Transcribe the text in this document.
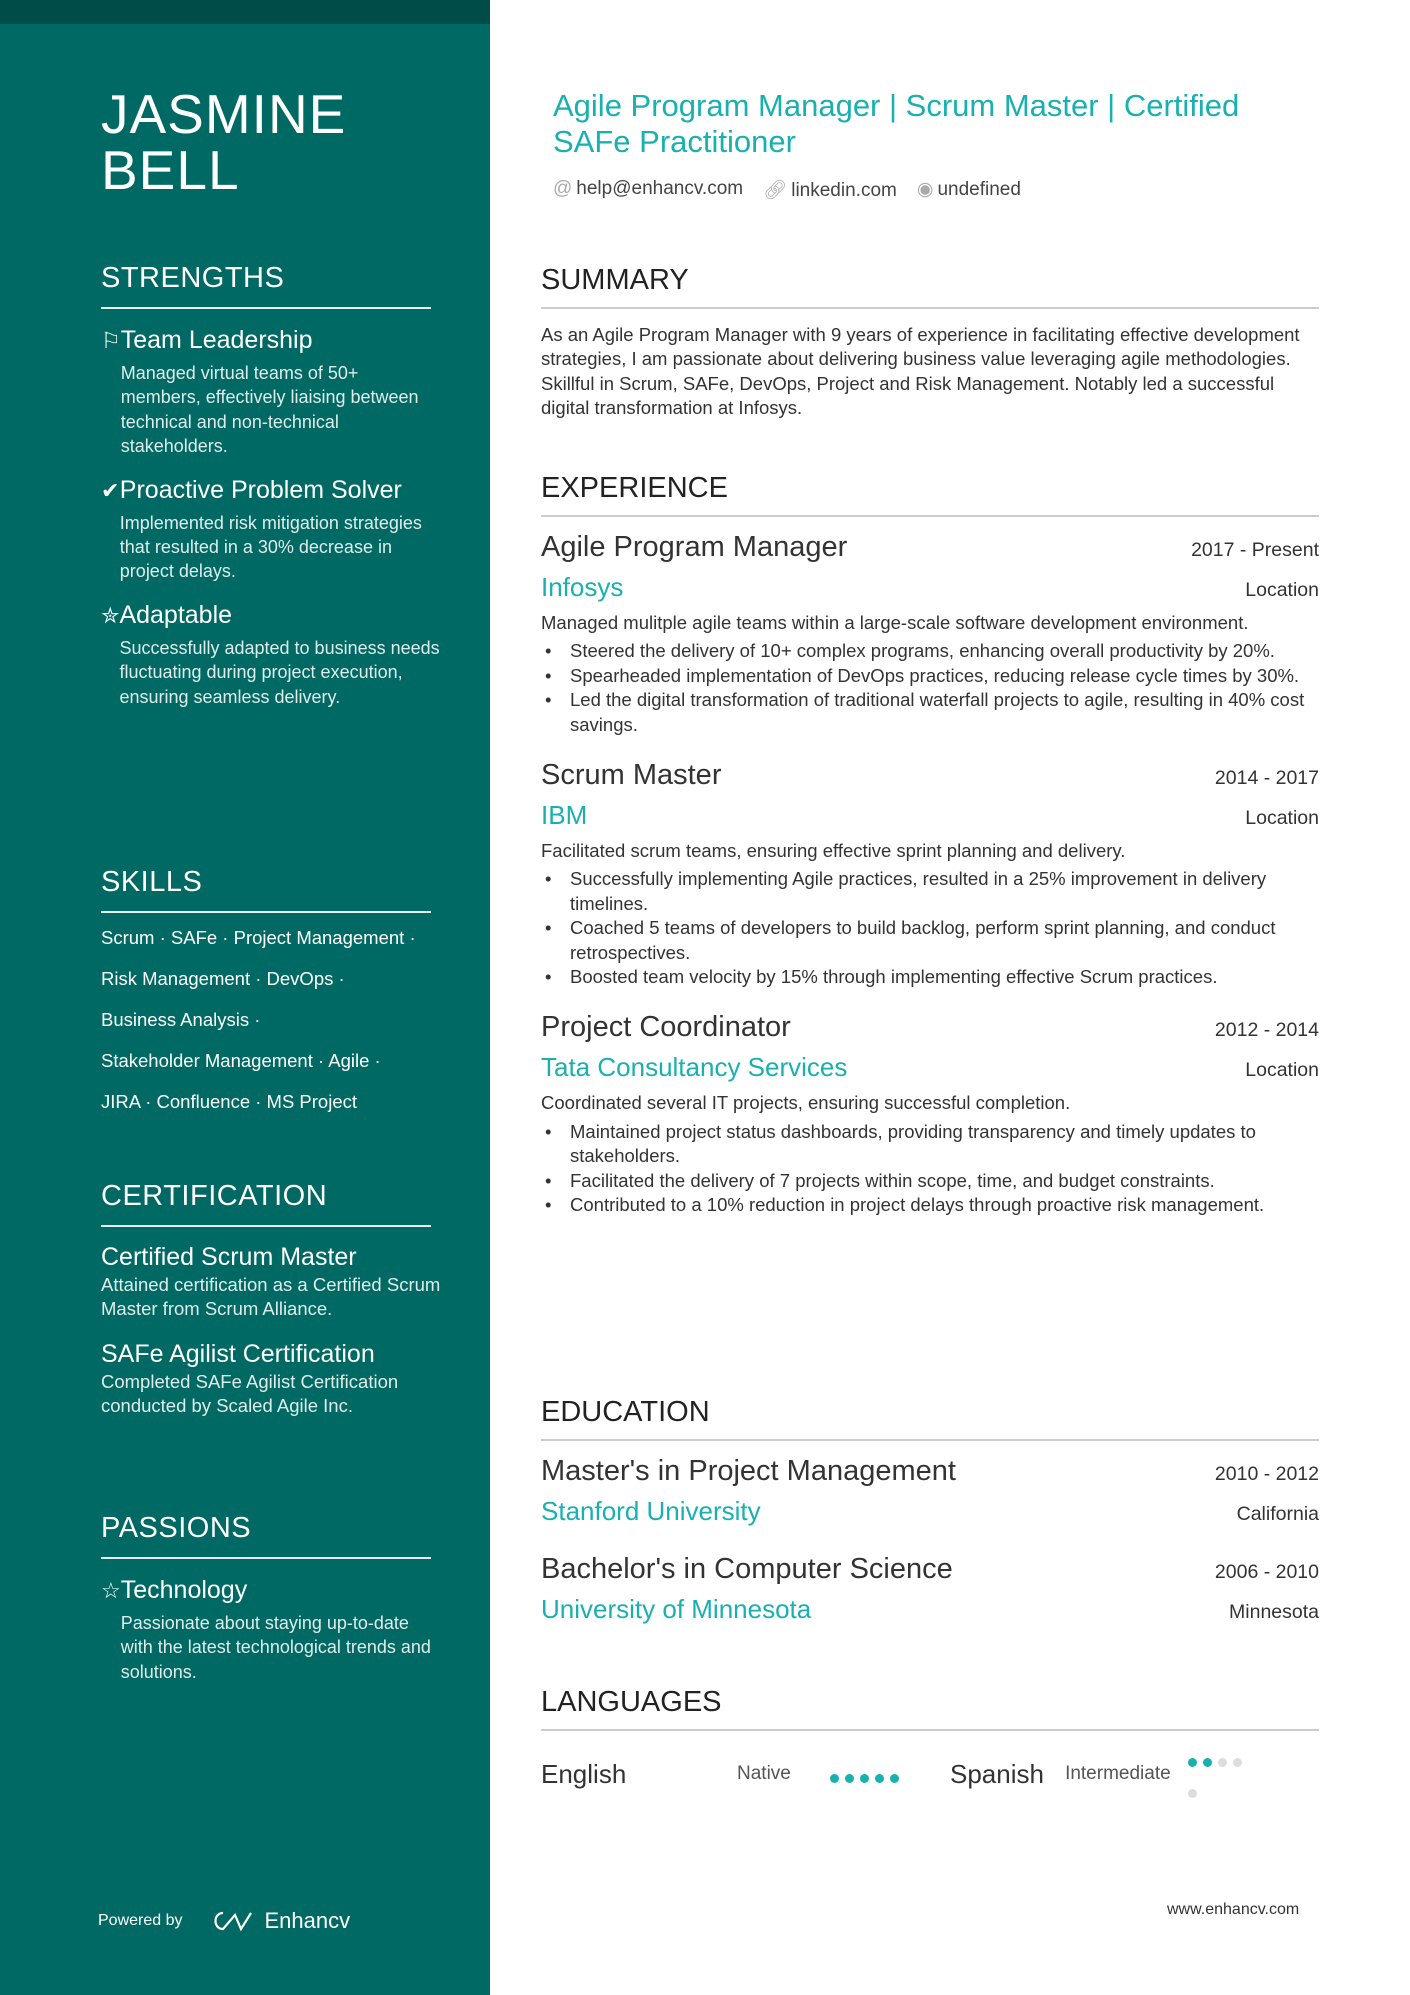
JASMINE BELL
STRENGTHS
⚐ Team Leadership
Managed virtual teams of 50+ members, effectively liaising between technical and non-technical stakeholders.
✔ Proactive Problem Solver
Implemented risk mitigation strategies that resulted in a 30% decrease in project delays.
✮ Adaptable
Successfully adapted to business needs fluctuating during project execution, ensuring seamless delivery.
SKILLS
Scrum · SAFe · Project Management ·
Risk Management · DevOps ·
Business Analysis ·
Stakeholder Management · Agile ·
JIRA · Confluence · MS Project
CERTIFICATION
Certified Scrum Master
Attained certification as a Certified Scrum Master from Scrum Alliance.
SAFe Agilist Certification
Completed SAFe Agilist Certification conducted by Scaled Agile Inc.
PASSIONS
☆ Technology
Passionate about staying up-to-date with the latest technological trends and solutions.
Powered by	Enhancv
Agile Program Manager | Scrum Master | Certified SAFe Practitioner
@ help@enhancv.com 🔗︎ linkedin.com ◉ undefined
SUMMARY
As an Agile Program Manager with 9 years of experience in facilitating effective development strategies, I am passionate about delivering business value leveraging agile methodologies. Skillful in Scrum, SAFe, DevOps, Project and Risk Management. Notably led a successful digital transformation at Infosys.
EXPERIENCE
Agile Program Manager	2017 - Present
Infosys	Location
Managed mulitple agile teams within a large-scale software development environment.
• Steered the delivery of 10+ complex programs, enhancing overall productivity by 20%.
• Spearheaded implementation of DevOps practices, reducing release cycle times by 30%.
• Led the digital transformation of traditional waterfall projects to agile, resulting in 40% cost savings.
Scrum Master	2014 - 2017
IBM	Location
Facilitated scrum teams, ensuring effective sprint planning and delivery.
• Successfully implementing Agile practices, resulted in a 25% improvement in delivery timelines.
• Coached 5 teams of developers to build backlog, perform sprint planning, and conduct retrospectives.
• Boosted team velocity by 15% through implementing effective Scrum practices.
Project Coordinator	2012 - 2014
Tata Consultancy Services	Location
Coordinated several IT projects, ensuring successful completion.
• Maintained project status dashboards, providing transparency and timely updates to stakeholders.
• Facilitated the delivery of 7 projects within scope, time, and budget constraints.
• Contributed to a 10% reduction in project delays through proactive risk management.
EDUCATION
Master's in Project Management	2010 - 2012
Stanford University	California
Bachelor's in Computer Science	2006 - 2010
University of Minnesota	Minnesota
LANGUAGES
English	Native	Spanish	Intermediate
www.enhancv.com
